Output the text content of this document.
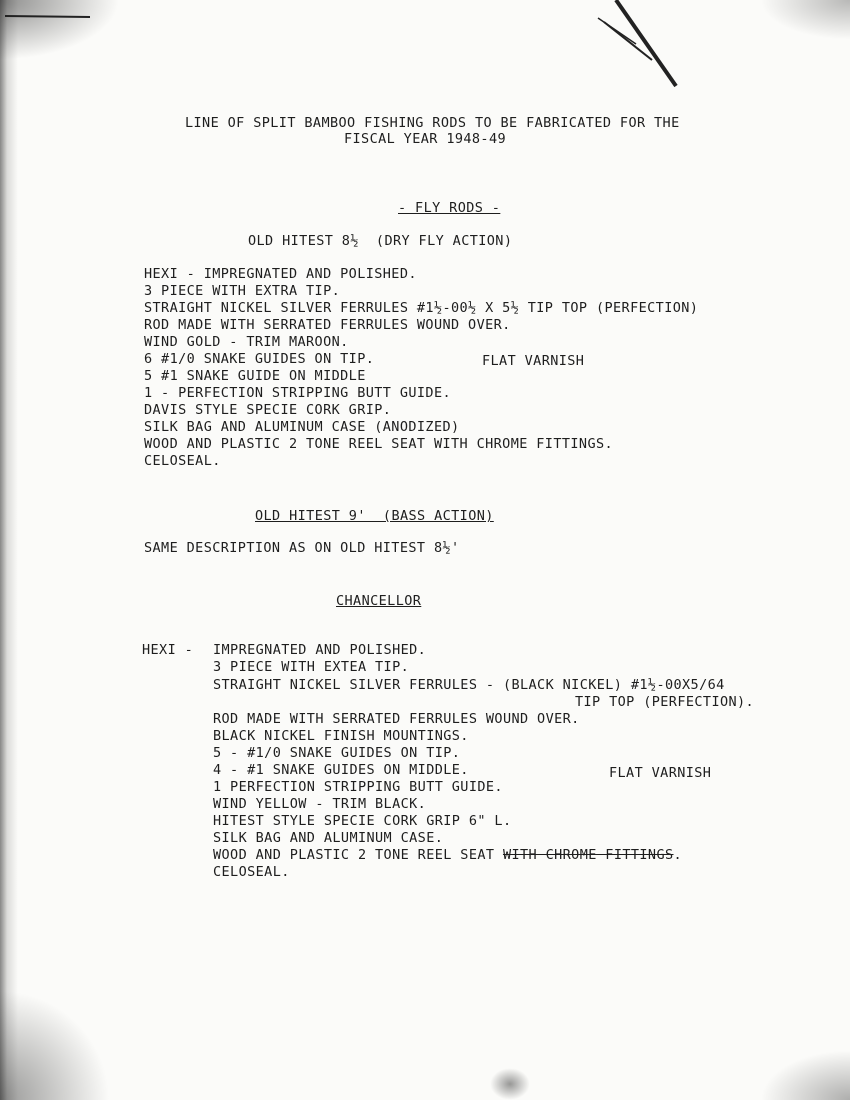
LINE OF SPLIT BAMBOO FISHING RODS TO BE FABRICATED FOR THE
FISCAL YEAR 1948-49
- FLY RODS -
OLD HITEST 8½  (DRY FLY ACTION)
HEXI - IMPREGNATED AND POLISHED.
3 PIECE WITH EXTRA TIP.
STRAIGHT NICKEL SILVER FERRULES #1½-00½ X 5½ TIP TOP (PERFECTION)
ROD MADE WITH SERRATED FERRULES WOUND OVER.
WIND GOLD - TRIM MAROON.
6 #1/0 SNAKE GUIDES ON TIP.	FLAT VARNISH
5 #1 SNAKE GUIDE ON MIDDLE
1 - PERFECTION STRIPPING BUTT GUIDE.
DAVIS STYLE SPECIE CORK GRIP.
SILK BAG AND ALUMINUM CASE (ANODIZED)
WOOD AND PLASTIC 2 TONE REEL SEAT WITH CHROME FITTINGS.
CELOSEAL.
OLD HITEST 9'  (BASS ACTION)
SAME DESCRIPTION AS ON OLD HITEST 8½'
CHANCELLOR
HEXI - IMPREGNATED AND POLISHED.
3 PIECE WITH EXTEA TIP.
STRAIGHT NICKEL SILVER FERRULES - (BLACK NICKEL) #1½-00X5/64
TIP TOP (PERFECTION).
ROD MADE WITH SERRATED FERRULES WOUND OVER.
BLACK NICKEL FINISH MOUNTINGS.
5 - #1/0 SNAKE GUIDES ON TIP.
4 - #1 SNAKE GUIDES ON MIDDLE.	FLAT VARNISH
1 PERFECTION STRIPPING BUTT GUIDE.
WIND YELLOW - TRIM BLACK.
HITEST STYLE SPECIE CORK GRIP 6" L.
SILK BAG AND ALUMINUM CASE.
WOOD AND PLASTIC 2 TONE REEL SEAT WITH CHROME FITTINGS.
CELOSEAL.
